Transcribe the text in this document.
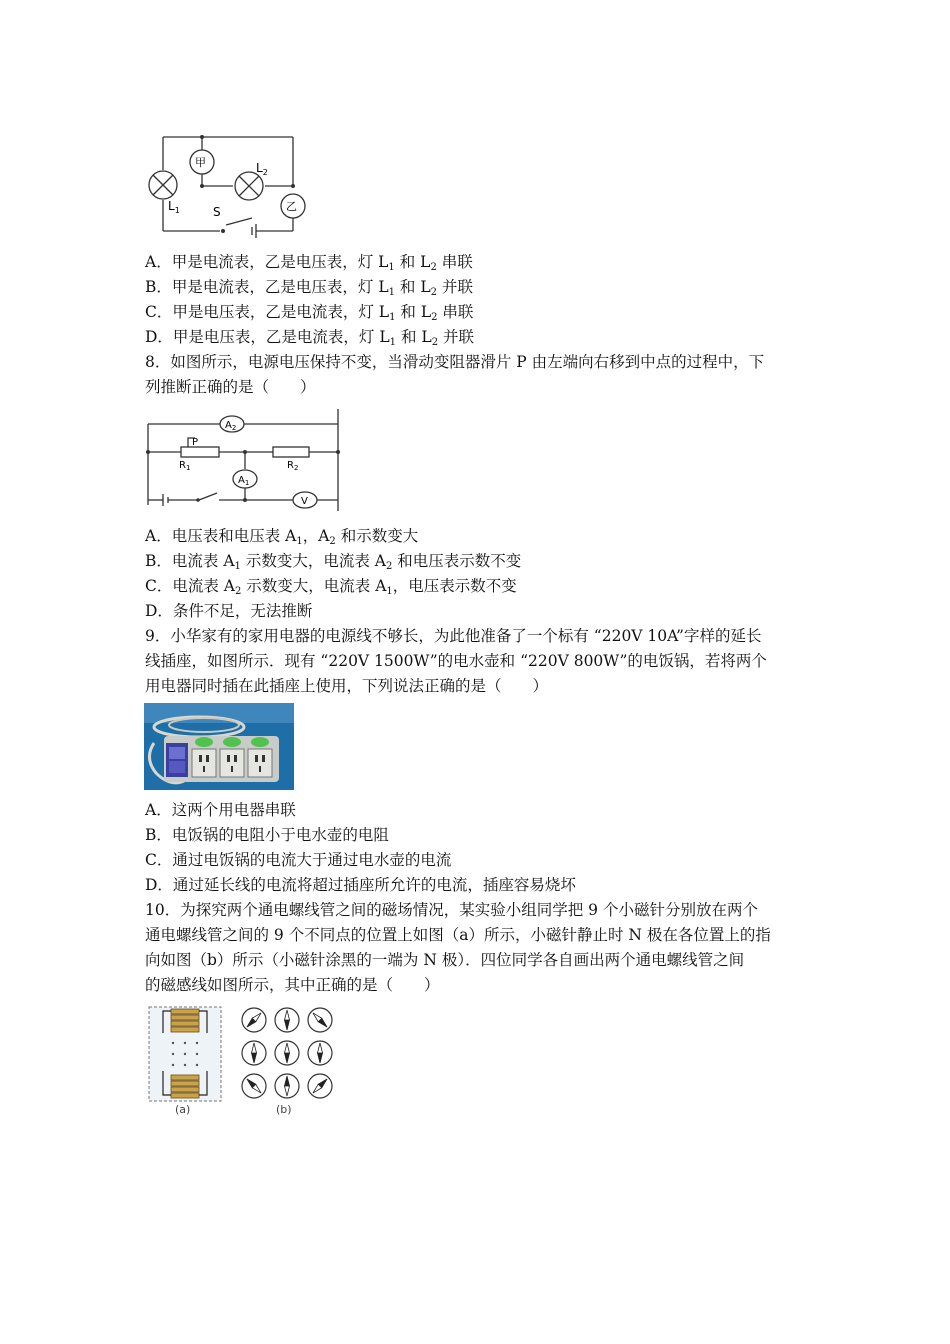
甲
乙
$L_2$
$L_1$	S
A．甲是电流表，乙是电压表，灯 $L_1$ 和 $L_2$ 串联
B．甲是电流表，乙是电压表，灯 $L_1$ 和 $L_2$ 并联
C．甲是电压表，乙是电流表，灯 $L_1$ 和 $L_2$ 串联
D．甲是电压表，乙是电流表，灯 $L_1$ 和 $L_2$ 并联
8．如图所示，电源电压保持不变，当滑动变阻器滑片 P 由左端向右移到中点的过程中，下
列推断正确的是（　　）
$A_2$
P
$R_1$	$R_2$
$A_1$
V
A．电压表和电压表 $A_1$，$A_2$ 和示数变大
B．电流表 $A_1$ 示数变大，电流表 $A_2$ 和电压表示数不变
C．电流表 $A_2$ 示数变大，电流表 $A_1$，电压表示数不变
D．条件不足，无法推断
9．小华家有的家用电器的电源线不够长，为此他准备了一个标有 “220V 10A”字样的延长
线插座，如图所示．现有 “220V 1500W”的电水壶和 “220V 800W”的电饭锅，若将两个
用电器同时插在此插座上使用，下列说法正确的是（　　）
A．这两个用电器串联
B．电饭锅的电阻小于电水壶的电阻
C．通过电饭锅的电流大于通过电水壶的电流
D．通过延长线的电流将超过插座所允许的电流，插座容易烧坏
10．为探究两个通电螺线管之间的磁场情况，某实验小组同学把 9 个小磁针分别放在两个
通电螺线管之间的 9 个不同点的位置上如图（a）所示，小磁针静止时 N 极在各位置上的指
向如图（b）所示（小磁针涂黑的一端为 N 极）．四位同学各自画出两个通电螺线管之间
的磁感线如图所示，其中正确的是（　　）
(a)	(b)
